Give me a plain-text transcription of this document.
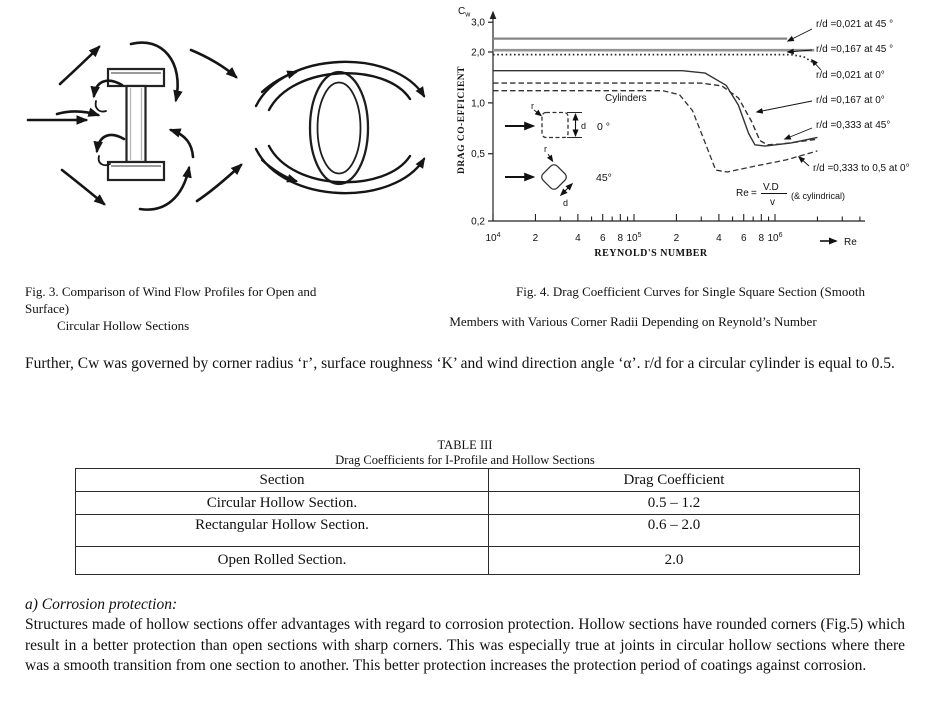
3,0
2,0
1,0
0,5
0,2
$10^4$	2	4 6 8 $10^5$	2	4 6 8 $10^6$
r/d =0,021 at 45 °
r/d =0,167 at 45 °
r/d =0,021 at 0°
r/d =0,167 at 0°
r/d =0,333 at 45°
r/d =0,333 to 0,5 at 0°
Cylinders
r
d 0 °
r
d
45°
Re =
V.D
v
(& cylindrical)
REYNOLD'S NUMBER
DRAG CO-EFFICIENT
$C_w$
Re
Fig. 3. Comparison of Wind Flow Profiles for Open and
Surface)
Circular Hollow Sections
Fig. 4. Drag Coefficient Curves for Single Square Section (Smooth
Members with Various Corner Radii Depending on Reynold’s Number
Further, Cw was governed by corner radius ‘r’, surface roughness ‘K’ and wind direction angle ‘α’. r/d for a circular cylinder is equal to 0.5.
TABLE III
Drag Coefficients for I-Profile and Hollow Sections
Section	Drag Coefficient
Circular Hollow Section.	0.5 – 1.2
Rectangular Hollow Section.	0.6 – 2.0
Open Rolled Section.	2.0
a) Corrosion protection:
Structures made of hollow sections offer advantages with regard to corrosion protection. Hollow sections have rounded corners (Fig.5) which result in a better protection than open sections with sharp corners. This was especially true at joints in circular hollow sections where there was a smooth transition from one section to another. This better protection increases the protection period of coatings against corrosion.
